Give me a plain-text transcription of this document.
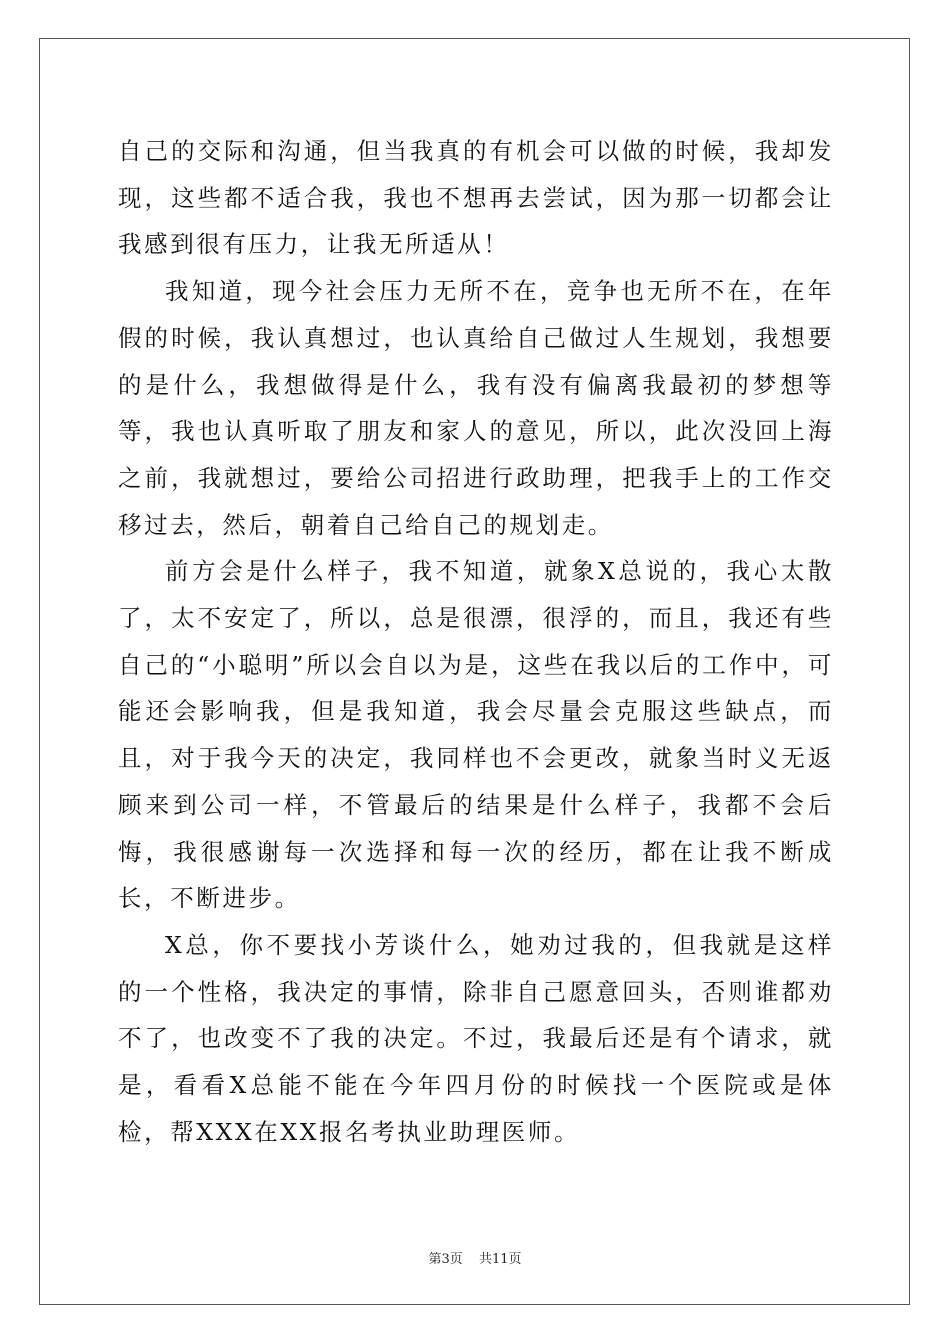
自己的交际和沟通，但当我真的有机会可以做的时候，我却发现，这些都不适合我，我也不想再去尝试，因为那一切都会让我感到很有压力，让我无所适从！

我知道，现今社会压力无所不在，竞争也无所不在，在年假的时候，我认真想过，也认真给自己做过人生规划，我想要的是什么，我想做得是什么，我有没有偏离我最初的梦想等等，我也认真听取了朋友和家人的意见，所以，此次没回上海之前，我就想过，要给公司招进行政助理，把我手上的工作交移过去，然后，朝着自己给自己的规划走。

前方会是什么样子，我不知道，就象X总说的，我心太散了，太不安定了，所以，总是很漂，很浮的，而且，我还有些自己的“小聪明”所以会自以为是，这些在我以后的工作中，可能还会影响我，但是我知道，我会尽量会克服这些缺点，而且，对于我今天的决定，我同样也不会更改，就象当时义无返顾来到公司一样，不管最后的结果是什么样子，我都不会后悔，我很感谢每一次选择和每一次的经历，都在让我不断成长，不断进步。

X总，你不要找小芳谈什么，她劝过我的，但我就是这样的一个性格，我决定的事情，除非自己愿意回头，否则谁都劝不了，也改变不了我的决定。不过，我最后还是有个请求，就是，看看X总能不能在今年四月份的时候找一个医院或是体检，帮XXX在XX报名考执业助理医师。

第3页 共11页
